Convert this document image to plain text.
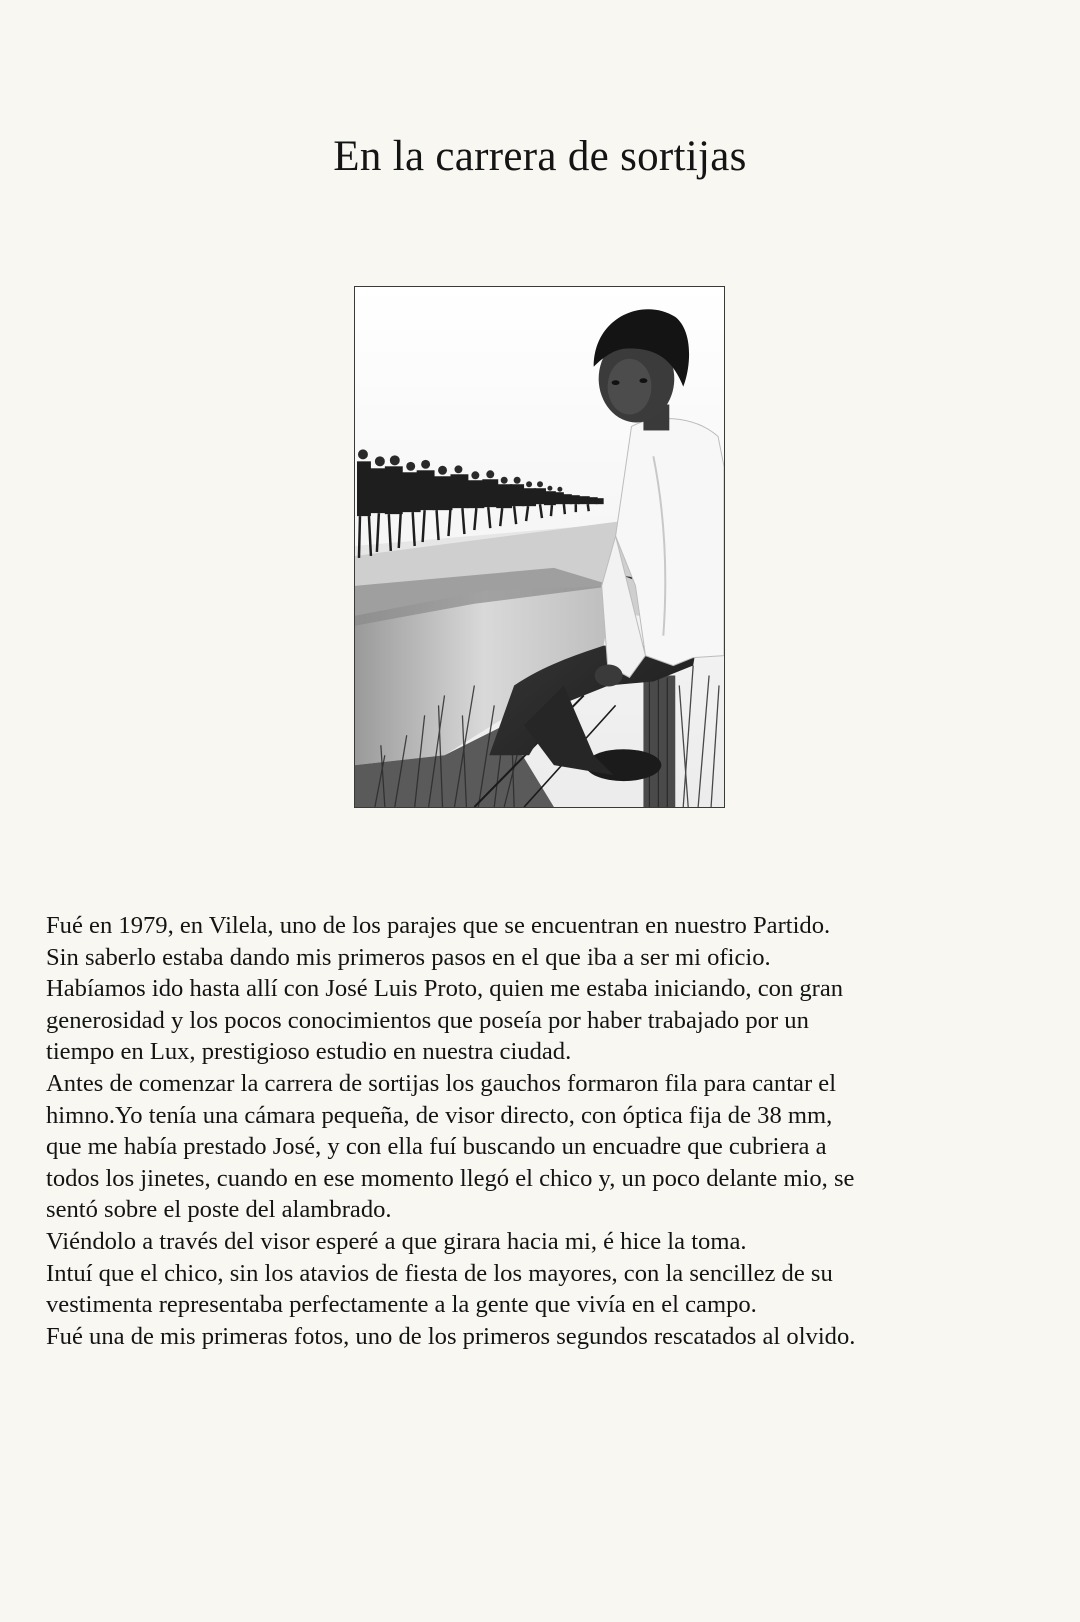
En la carrera de sortijas

Fué en 1979, en Vilela, uno de los parajes que se encuentran en nuestro Partido.

Sin saberlo estaba dando mis primeros pasos en el que iba a ser mi oficio.

Habíamos ido hasta allí con José Luis Proto, quien me estaba iniciando, con gran

generosidad y los pocos conocimientos que poseía por haber trabajado por un

tiempo en Lux, prestigioso estudio en nuestra ciudad.

Antes de comenzar la carrera de sortijas los gauchos formaron fila para cantar el

himno.Yo tenía una cámara pequeña, de visor directo, con óptica fija de 38 mm,

que me había prestado José, y con ella fuí buscando un encuadre que cubriera a

todos los jinetes, cuando en ese momento llegó el chico y, un poco delante mio, se

sentó sobre el poste del alambrado.

Viéndolo a través del visor esperé a que girara hacia mi, é hice la toma.

Intuí que el chico, sin los atavios de fiesta de los mayores, con la sencillez de su

vestimenta representaba perfectamente a la gente que vivía en el campo.

Fué una de mis primeras fotos, uno de los primeros segundos rescatados al olvido.
